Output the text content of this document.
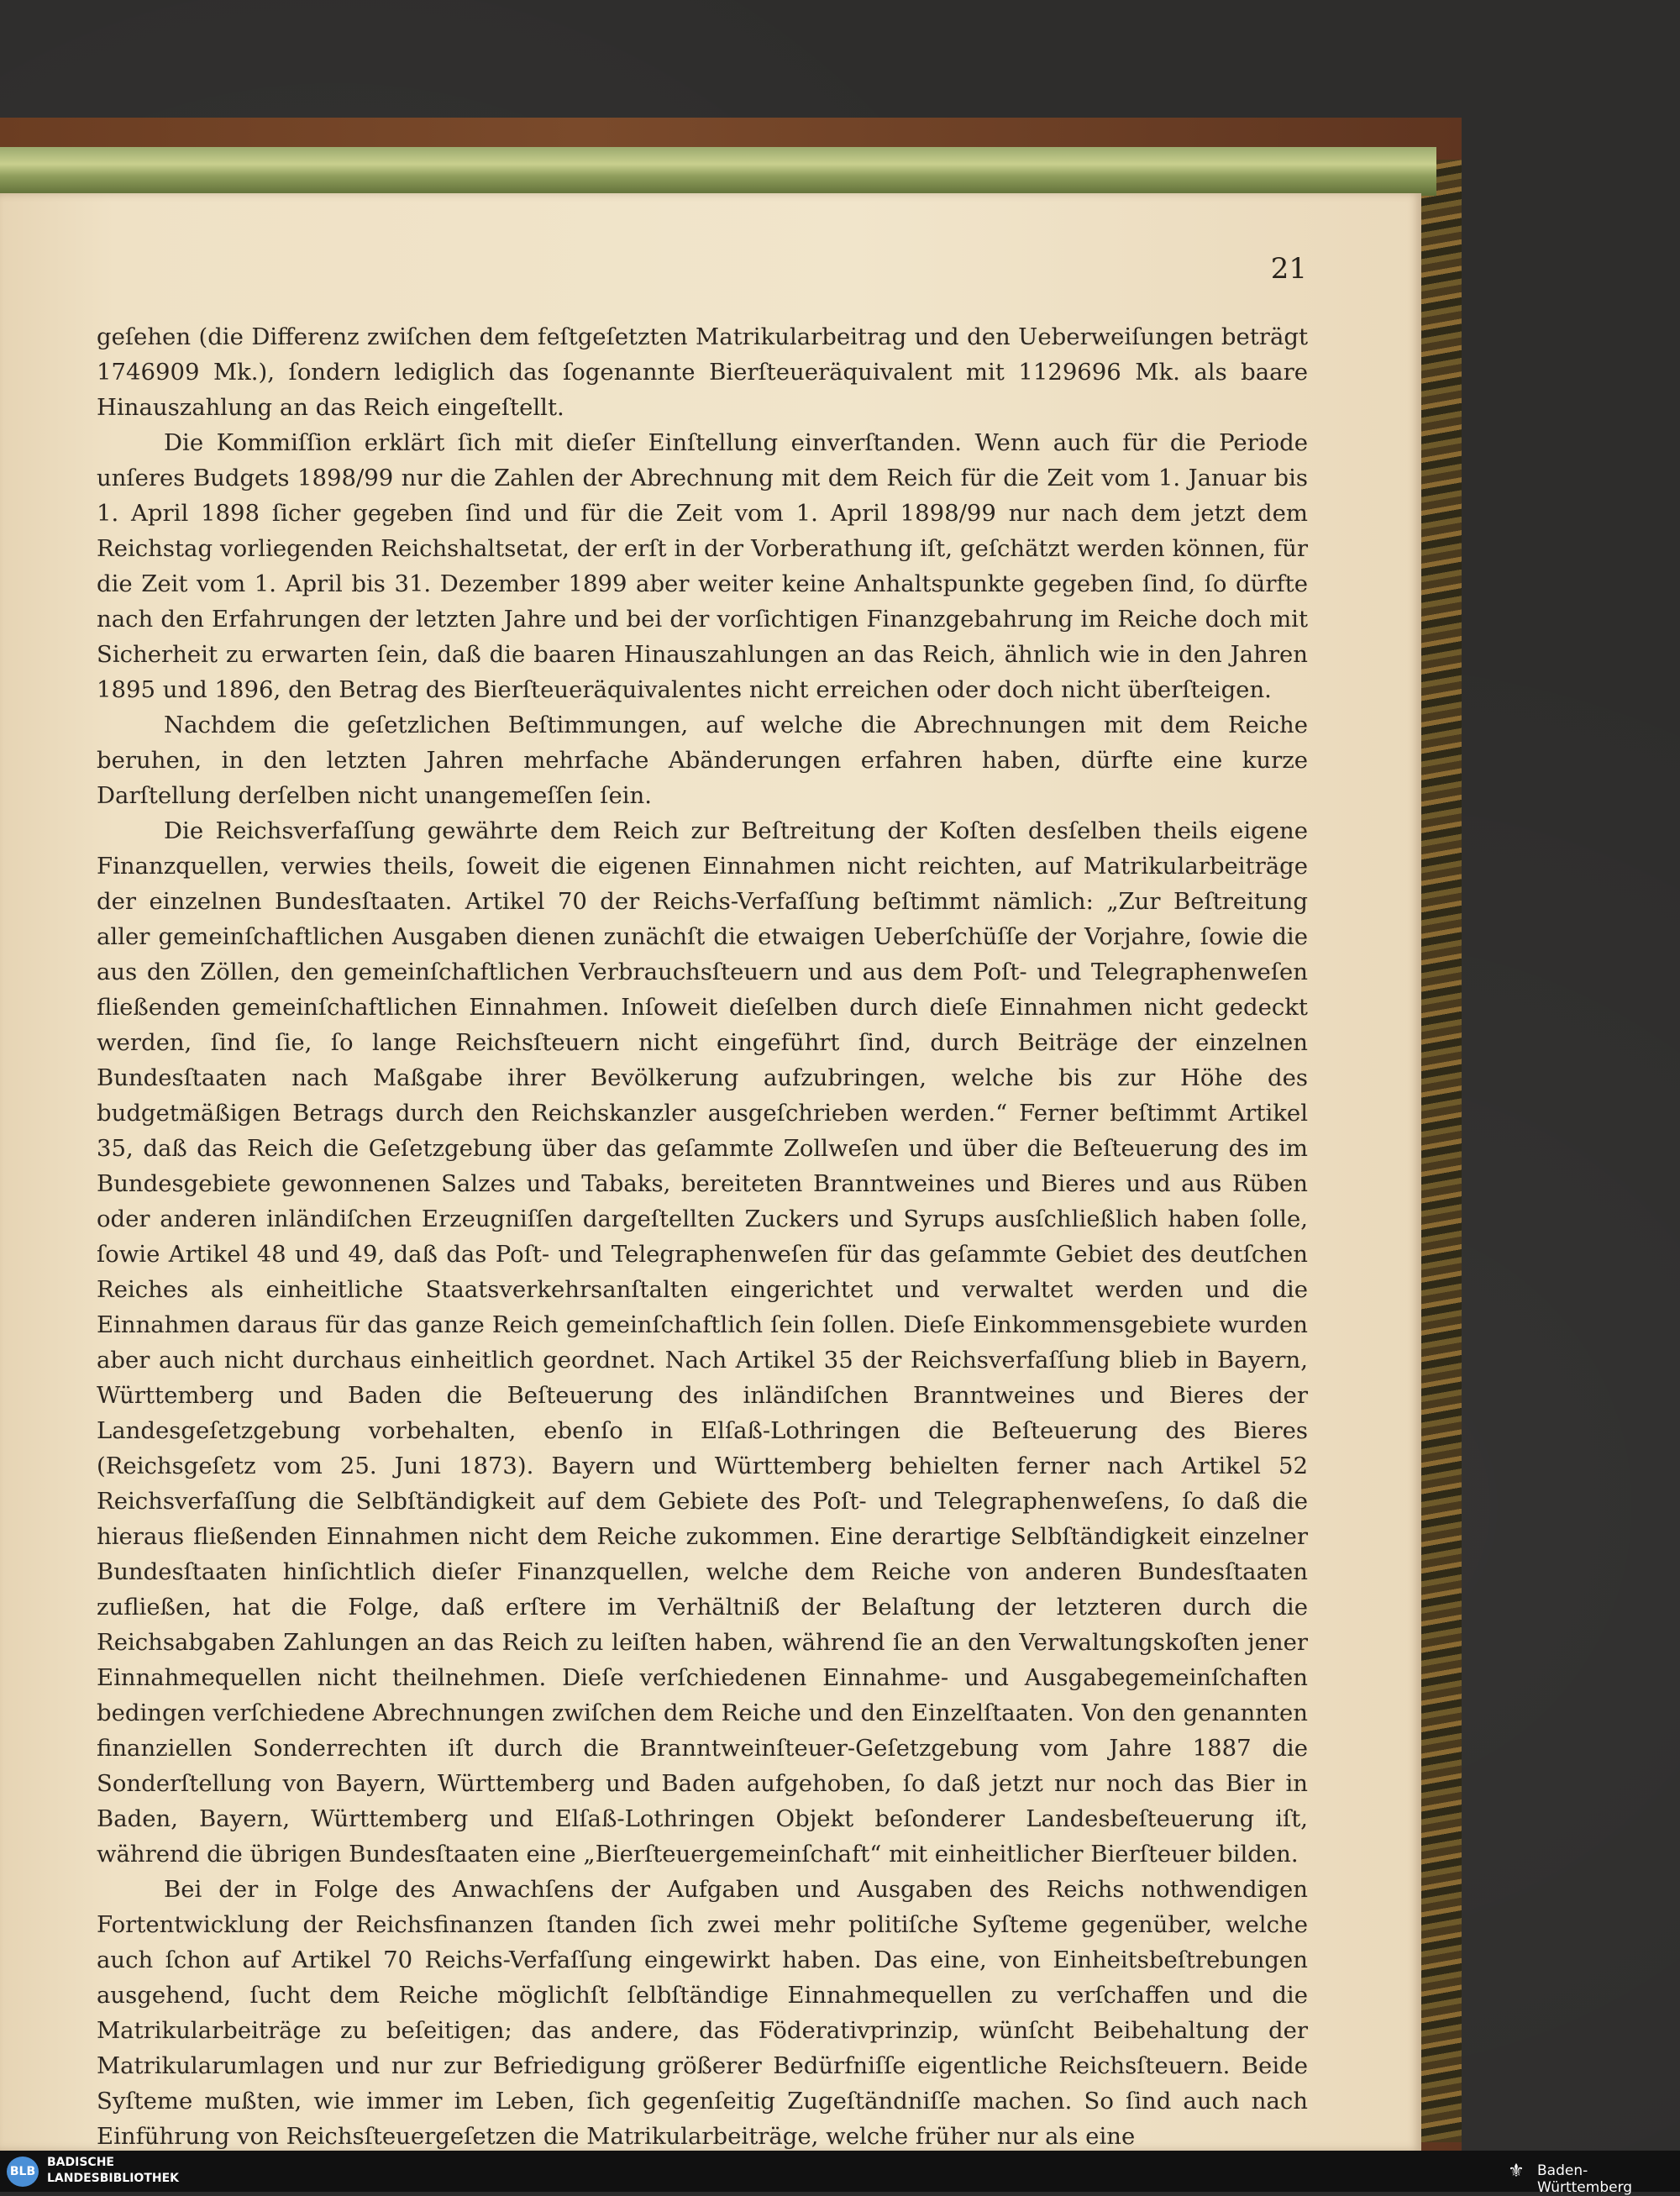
21

geſehen (die Differenz zwiſchen dem feſtgeſetzten Matrikularbeitrag und den Ueberweiſungen beträgt 1746909 Mk.), ſondern lediglich das ſogenannte Bierſteueräquivalent mit 1129696 Mk. als baare Hinauszahlung an das Reich eingeſtellt.

Die Kommiſſion erklärt ſich mit dieſer Einſtellung einverſtanden. Wenn auch für die Periode unſeres Budgets 1898/99 nur die Zahlen der Abrechnung mit dem Reich für die Zeit vom 1. Januar bis 1. April 1898 ſicher gegeben ſind und für die Zeit vom 1. April 1898/99 nur nach dem jetzt dem Reichstag vorliegenden Reichshaltsetat, der erſt in der Vorberathung iſt, geſchätzt werden können, für die Zeit vom 1. April bis 31. Dezember 1899 aber weiter keine Anhaltspunkte gegeben ſind, ſo dürfte nach den Erfahrungen der letzten Jahre und bei der vorſichtigen Finanzgebahrung im Reiche doch mit Sicherheit zu erwarten ſein, daß die baaren Hinauszahlungen an das Reich, ähnlich wie in den Jahren 1895 und 1896, den Betrag des Bierſteueräquivalentes nicht erreichen oder doch nicht überſteigen.

Nachdem die geſetzlichen Beſtimmungen, auf welche die Abrechnungen mit dem Reiche beruhen, in den letzten Jahren mehrfache Abänderungen erfahren haben, dürfte eine kurze Darſtellung derſelben nicht unangemeſſen ſein.

Die Reichsverfaſſung gewährte dem Reich zur Beſtreitung der Koſten desſelben theils eigene Finanzquellen, verwies theils, ſoweit die eigenen Einnahmen nicht reichten, auf Matrikularbeiträge der einzelnen Bundesſtaaten. Artikel 70 der Reichs-Verfaſſung beſtimmt nämlich: „Zur Beſtreitung aller gemeinſchaftlichen Ausgaben dienen zunächſt die etwaigen Ueberſchüſſe der Vorjahre, ſowie die aus den Zöllen, den gemeinſchaftlichen Verbrauchsſteuern und aus dem Poſt- und Telegraphenweſen fließenden gemeinſchaftlichen Einnahmen. Inſoweit dieſelben durch dieſe Einnahmen nicht gedeckt werden, ſind ſie, ſo lange Reichsſteuern nicht eingeführt ſind, durch Beiträge der einzelnen Bundesſtaaten nach Maßgabe ihrer Bevölkerung aufzubringen, welche bis zur Höhe des budgetmäßigen Betrags durch den Reichskanzler ausgeſchrieben werden.“ Ferner beſtimmt Artikel 35, daß das Reich die Geſetzgebung über das geſammte Zollweſen und über die Beſteuerung des im Bundesgebiete gewonnenen Salzes und Tabaks, bereiteten Branntweines und Bieres und aus Rüben oder anderen inländiſchen Erzeugniſſen dargeſtellten Zuckers und Syrups ausſchließlich haben ſolle, ſowie Artikel 48 und 49, daß das Poſt- und Telegraphenweſen für das geſammte Gebiet des deutſchen Reiches als einheitliche Staatsverkehrsanſtalten eingerichtet und verwaltet werden und die Einnahmen daraus für das ganze Reich gemeinſchaftlich ſein ſollen. Dieſe Einkommensgebiete wurden aber auch nicht durchaus einheitlich geordnet. Nach Artikel 35 der Reichsverfaſſung blieb in Bayern, Württemberg und Baden die Beſteuerung des inländiſchen Branntweines und Bieres der Landesgeſetzgebung vorbehalten, ebenſo in Elſaß-Lothringen die Beſteuerung des Bieres (Reichsgeſetz vom 25. Juni 1873). Bayern und Württemberg behielten ferner nach Artikel 52 Reichsverfaſſung die Selbſtändigkeit auf dem Gebiete des Poſt- und Telegraphenweſens, ſo daß die hieraus fließenden Einnahmen nicht dem Reiche zukommen. Eine derartige Selbſtändigkeit einzelner Bundesſtaaten hinſichtlich dieſer Finanzquellen, welche dem Reiche von anderen Bundesſtaaten zufließen, hat die Folge, daß erſtere im Verhältniß der Belaſtung der letzteren durch die Reichsabgaben Zahlungen an das Reich zu leiſten haben, während ſie an den Verwaltungskoſten jener Einnahmequellen nicht theilnehmen. Dieſe verſchiedenen Einnahme- und Ausgabegemeinſchaften bedingen verſchiedene Abrechnungen zwiſchen dem Reiche und den Einzelſtaaten. Von den genannten finanziellen Sonderrechten iſt durch die Branntweinſteuer-Geſetzgebung vom Jahre 1887 die Sonderſtellung von Bayern, Württemberg und Baden aufgehoben, ſo daß jetzt nur noch das Bier in Baden, Bayern, Württemberg und Elſaß-Lothringen Objekt beſonderer Landesbeſteuerung iſt, während die übrigen Bundesſtaaten eine „Bierſteuergemeinſchaft“ mit einheitlicher Bierſteuer bilden.

Bei der in Folge des Anwachſens der Aufgaben und Ausgaben des Reichs nothwendigen Fortentwicklung der Reichsfinanzen ſtanden ſich zwei mehr politiſche Syſteme gegenüber, welche auch ſchon auf Artikel 70 Reichs-Verfaſſung eingewirkt haben. Das eine, von Einheitsbeſtrebungen ausgehend, ſucht dem Reiche möglichſt ſelbſtändige Einnahmequellen zu verſchaffen und die Matrikularbeiträge zu beſeitigen; das andere, das Föderativprinzip, wünſcht Beibehaltung der Matrikularumlagen und nur zur Befriedigung größerer Bedürfniſſe eigentliche Reichsſteuern. Beide Syſteme mußten, wie immer im Leben, ſich gegenſeitig Zugeſtändniſſe machen. So ſind auch nach Einführung von Reichsſteuergeſetzen die Matrikularbeiträge, welche früher nur als eine

BLB
BADISCHE
LANDESBIBLIOTHEK	⚜ Baden-Württemberg
